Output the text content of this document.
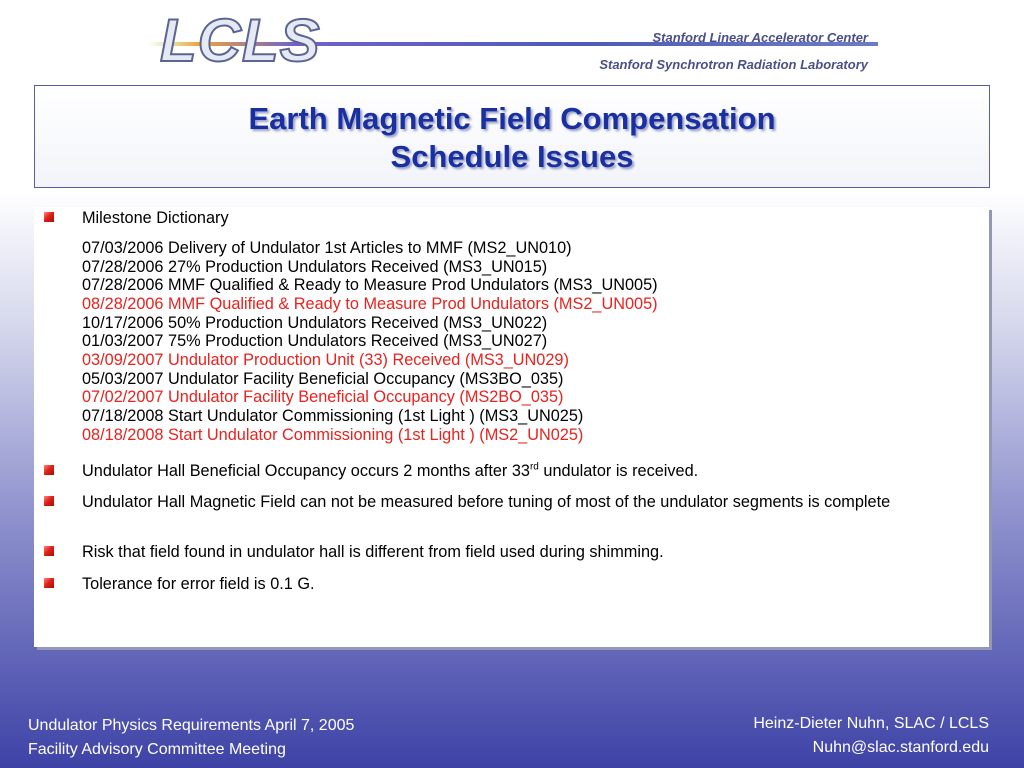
LCLS	Stanford Linear Accelerator Center
Stanford Synchrotron Radiation Laboratory
Earth Magnetic Field Compensation
Schedule Issues
Milestone Dictionary
07/03/2006 Delivery of Undulator 1st Articles to MMF (MS2_UN010)
07/28/2006 27% Production Undulators Received (MS3_UN015)
07/28/2006 MMF Qualified & Ready to Measure Prod Undulators (MS3_UN005)
08/28/2006 MMF Qualified & Ready to Measure Prod Undulators (MS2_UN005)
10/17/2006 50% Production Undulators Received (MS3_UN022)
01/03/2007 75% Production Undulators Received (MS3_UN027)
03/09/2007 Undulator Production Unit (33) Received (MS3_UN029)
05/03/2007 Undulator Facility Beneficial Occupancy (MS3BO_035)
07/02/2007 Undulator Facility Beneficial Occupancy (MS2BO_035)
07/18/2008 Start Undulator Commissioning (1st Light ) (MS3_UN025)
08/18/2008 Start Undulator Commissioning (1st Light ) (MS2_UN025)
Undulator Hall Beneficial Occupancy occurs 2 months after 33rd undulator is received.
Undulator Hall Magnetic Field can not be measured before tuning of most of the undulator segments is complete
Risk that field found in undulator hall is different from field used during shimming.
Tolerance for error field is 0.1 G.
Undulator Physics Requirements April 7, 2005
Facility Advisory Committee Meeting
Heinz-Dieter Nuhn, SLAC / LCLS
Nuhn@slac.stanford.edu
